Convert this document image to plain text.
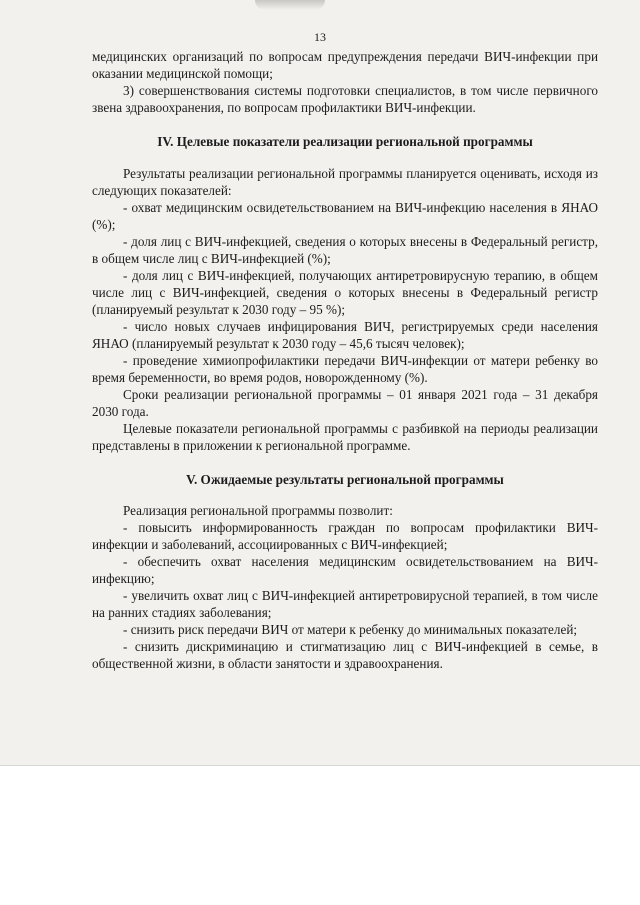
13

медицинских организаций по вопросам предупреждения передачи ВИЧ-инфекции при оказании медицинской помощи;

3) совершенствования системы подготовки специалистов, в том числе первичного звена здравоохранения, по вопросам профилактики ВИЧ-инфекции.

IV. Целевые показатели реализации региональной программы

Результаты реализации региональной программы планируется оценивать, исходя из следующих показателей:

- охват медицинским освидетельствованием на ВИЧ-инфекцию населения в ЯНАО (%);

- доля лиц с ВИЧ-инфекцией, сведения о которых внесены в Федеральный регистр, в общем числе лиц с ВИЧ-инфекцией (%);

- доля лиц с ВИЧ-инфекцией, получающих антиретровирусную терапию, в общем числе лиц с ВИЧ-инфекцией, сведения о которых внесены в Федеральный регистр (планируемый результат к 2030 году – 95 %);

- число новых случаев инфицирования ВИЧ, регистрируемых среди населения ЯНАО (планируемый результат к 2030 году – 45,6 тысяч человек);

- проведение химиопрофилактики передачи ВИЧ-инфекции от матери ребенку во время беременности, во время родов, новорожденному (%).

Сроки реализации региональной программы – 01 января 2021 года – 31 декабря 2030 года.

Целевые показатели региональной программы с разбивкой на периоды реализации представлены в приложении к региональной программе.

V. Ожидаемые результаты региональной программы

Реализация региональной программы позволит:

- повысить информированность граждан по вопросам профилактики ВИЧ-инфекции и заболеваний, ассоциированных с ВИЧ-инфекцией;

- обеспечить охват населения медицинским освидетельствованием на ВИЧ-инфекцию;

- увеличить охват лиц с ВИЧ-инфекцией антиретровирусной терапией, в том числе на ранних стадиях заболевания;

- снизить риск передачи ВИЧ от матери к ребенку до минимальных показателей;

- снизить дискриминацию и стигматизацию лиц с ВИЧ-инфекцией в семье, в общественной жизни, в области занятости и здравоохранения.
